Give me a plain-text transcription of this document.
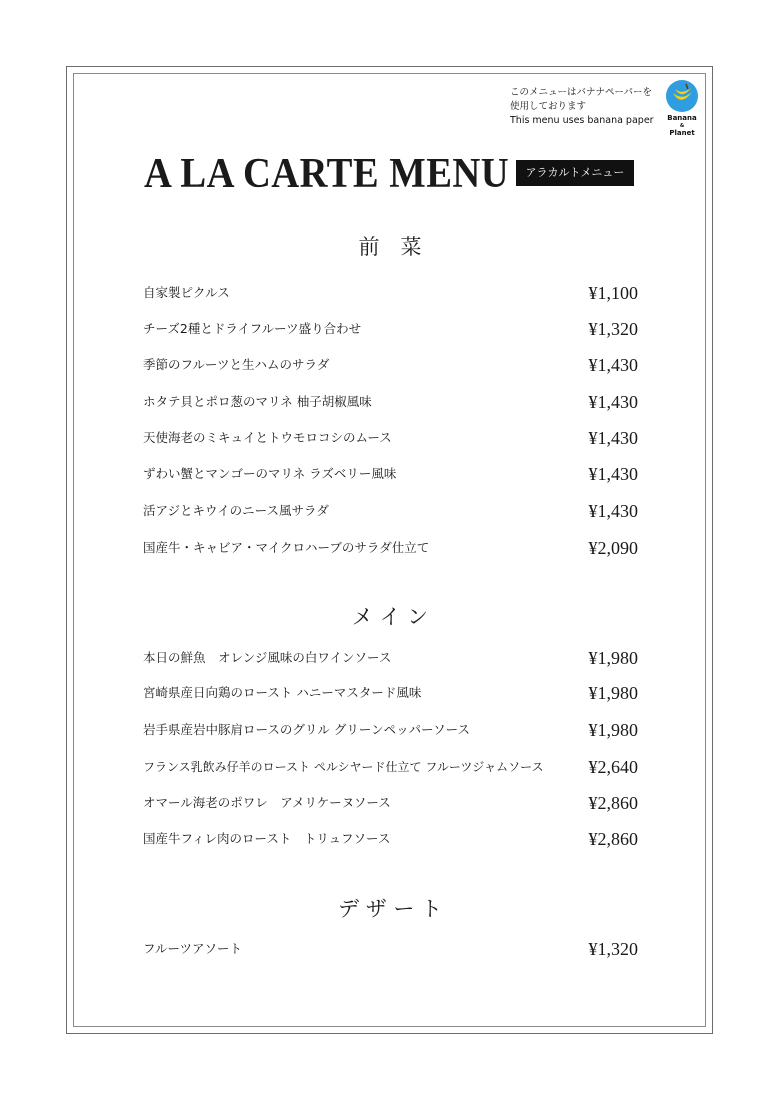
このメニューはバナナペーパーを
使用しております
This menu uses banana paper	Banana
&
Planet
A LA CARTE MENU	アラカルトメニュー
前　菜
自家製ピクルス	¥1,100
チーズ2種とドライフルーツ盛り合わせ	¥1,320
季節のフルーツと生ハムのサラダ	¥1,430
ホタテ貝とポロ葱のマリネ 柚子胡椒風味	¥1,430
天使海老のミキュイとトウモロコシのムース	¥1,430
ずわい蟹とマンゴーのマリネ ラズベリー風味	¥1,430
活アジとキウイのニース風サラダ	¥1,430
国産牛・キャビア・マイクロハーブのサラダ仕立て	¥2,090
メ イ ン
本日の鮮魚　オレンジ風味の白ワインソース	¥1,980
宮崎県産日向鶏のロースト ハニーマスタード風味	¥1,980
岩手県産岩中豚肩ロースのグリル グリーンペッパーソース	¥1,980
フランス乳飲み仔羊のロースト ペルシヤード仕立て フルーツジャムソース ¥2,640
オマール海老のポワレ　アメリケーヌソース	¥2,860
国産牛フィレ肉のロースト　トリュフソース	¥2,860
デ ザ ー ト
フルーツアソート	¥1,320
